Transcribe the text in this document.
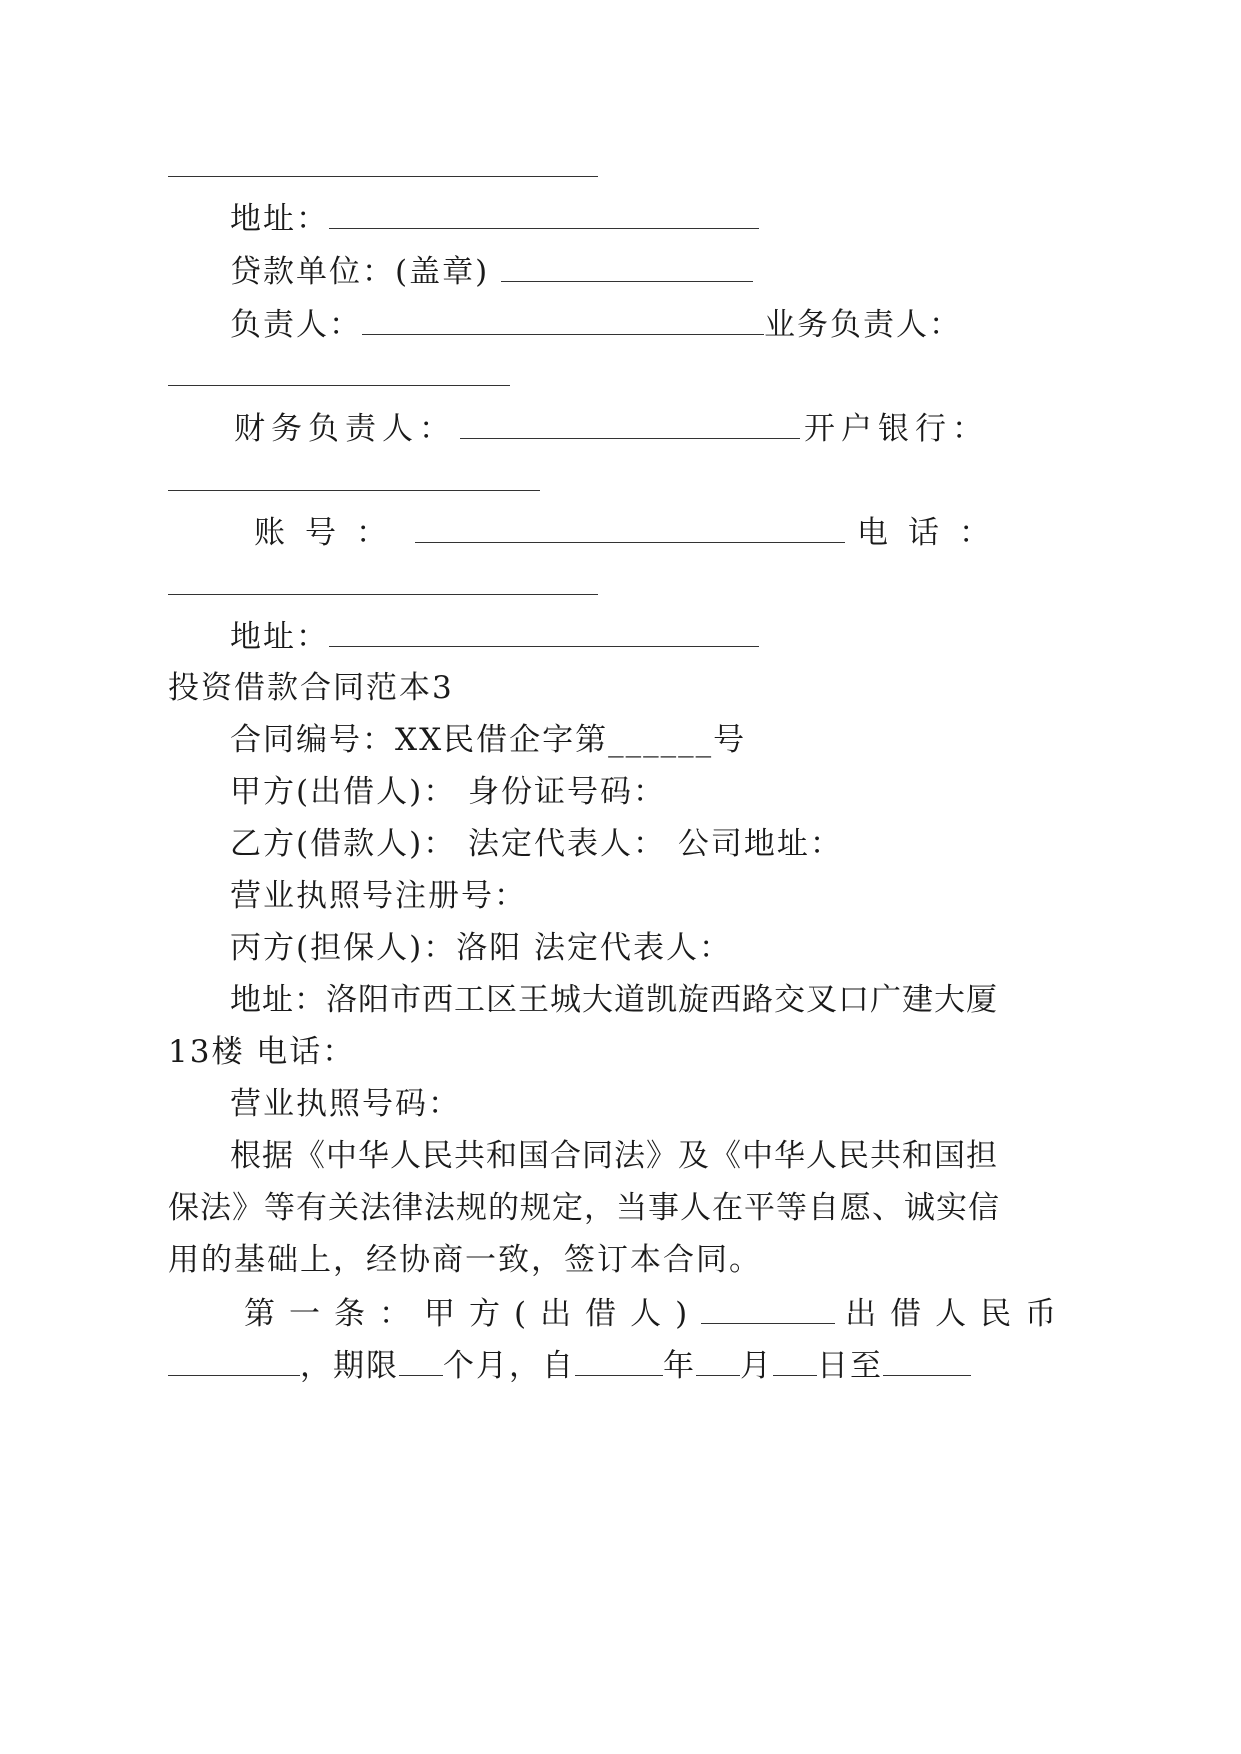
地址：
贷款单位：(盖章)
负责人：	业务负责人：
财务负责人：	开户银行：
账号：	电话：
地址：
投资借款合同范本3
合同编号：XX民借企字第______号
甲方(出借人)： 身份证号码：
乙方(借款人)： 法定代表人： 公司地址：
营业执照号注册号：
丙方(担保人)：洛阳 法定代表人：
地址：洛阳市西工区王城大道凯旋西路交叉口广建大厦
13楼 电话：
营业执照号码：
根据《中华人民共和国合同法》及《中华人民共和国担
保法》等有关法律法规的规定，当事人在平等自愿、诚实信
用的基础上，经协商一致，签订本合同。
第一条：甲方(出借人)	出借人民币
，期限 个月，自	年 月 日至
